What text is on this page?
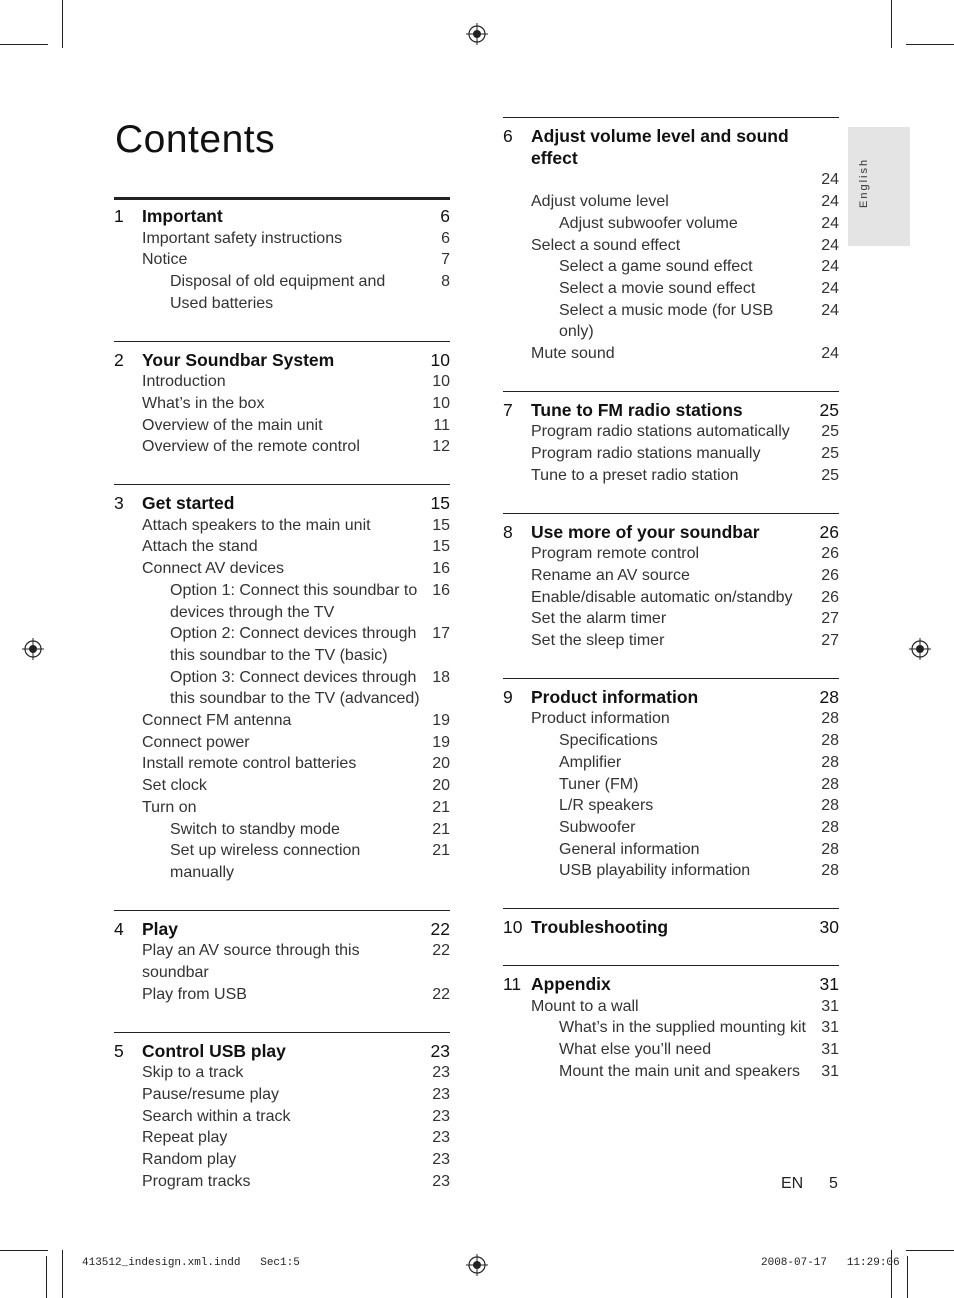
Contents
English
1	Important	6
Important safety instructions	6
Notice	7
Disposal of old equipment and Used batteries
8
2	Your Soundbar System	10
Introduction	10
What’s in the box	10
Overview of the main unit	11
Overview of the remote control	12
3	Get started	15
Attach speakers to the main unit	15
Attach the stand	15
Connect AV devices	16
Option 1: Connect this soundbar to devices through the TV
16
Option 2: Connect devices through this soundbar to the TV (basic)
17
Option 3: Connect devices through this soundbar to the TV (advanced)
18
Connect FM antenna	19
Connect power	19
Install remote control batteries	20
Set clock	20
Turn on	21
Switch to standby mode	21
Set up wireless connection manually
21
4	Play	22
Play an AV source through this soundbar
22
Play from USB	22
5	Control USB play	23
Skip to a track	23
Pause/resume play	23
Search within a track	23
Repeat play	23
Random play	23
Program tracks	23
6	Adjust volume level and sound effect
24
Adjust volume level	24
Adjust subwoofer volume	24
Select a sound effect	24
Select a game sound effect	24
Select a movie sound effect	24
Select a music mode (for USB only)
24
Mute sound	24
7	Tune to FM radio stations	25
Program radio stations automatically	25
Program radio stations manually	25
Tune to a preset radio station	25
8	Use more of your soundbar	26
Program remote control	26
Rename an AV source	26
Enable/disable automatic on/standby	26
Set the alarm timer	27
Set the sleep timer	27
9	Product information	28
Product information	28
Specifications	28
Amplifier	28
Tuner (FM)	28
L/R speakers	28
Subwoofer	28
General information	28
USB playability information	28
10 Troubleshooting	30
11 Appendix	31
Mount to a wall	31
What’s in the supplied mounting kit 31
What else you’ll need	31
Mount the main unit and speakers	31
EN 5
413512_indesign.xml.indd   Sec1:5	2008-07-17   11:29:06
